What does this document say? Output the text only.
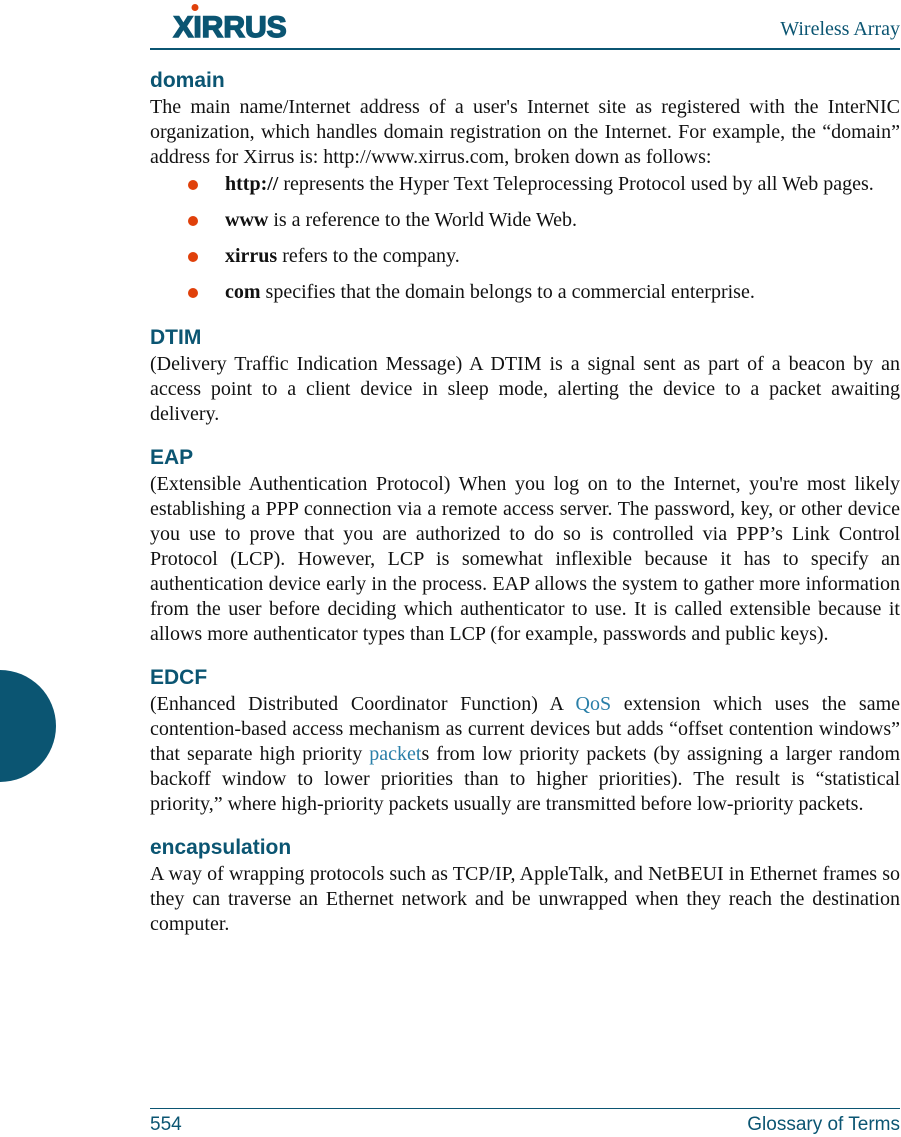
XIRRUS	Wireless Array
domain

The main name/Internet address of a user's Internet site as registered with the InterNIC organization, which handles domain registration on the Internet. For example, the “domain” address for Xirrus is: http://www.xirrus.com, broken down as follows:

http:// represents the Hyper Text Teleprocessing Protocol used by all Web pages.
www is a reference to the World Wide Web.
xirrus refers to the company.
com specifies that the domain belongs to a commercial enterprise.
DTIM

(Delivery Traffic Indication Message) A DTIM is a signal sent as part of a beacon by an access point to a client device in sleep mode, alerting the device to a packet awaiting delivery.

EAP

(Extensible Authentication Protocol) When you log on to the Internet, you're most likely establishing a PPP connection via a remote access server. The password, key, or other device you use to prove that you are authorized to do so is controlled via PPP’s Link Control Protocol (LCP). However, LCP is somewhat inflexible because it has to specify an authentication device early in the process. EAP allows the system to gather more information from the user before deciding which authenticator to use. It is called extensible because it allows more authenticator types than LCP (for example, passwords and public keys).

EDCF

(Enhanced Distributed Coordinator Function) A QoS extension which uses the same contention-based access mechanism as current devices but adds “offset contention windows” that separate high priority packets from low priority packets (by assigning a larger random backoff window to lower priorities than to higher priorities). The result is “statistical priority,” where high-priority packets usually are transmitted before low-priority packets.

encapsulation

A way of wrapping protocols such as TCP/IP, AppleTalk, and NetBEUI in Ethernet frames so they can traverse an Ethernet network and be unwrapped when they reach the destination computer.

554	Glossary of Terms
